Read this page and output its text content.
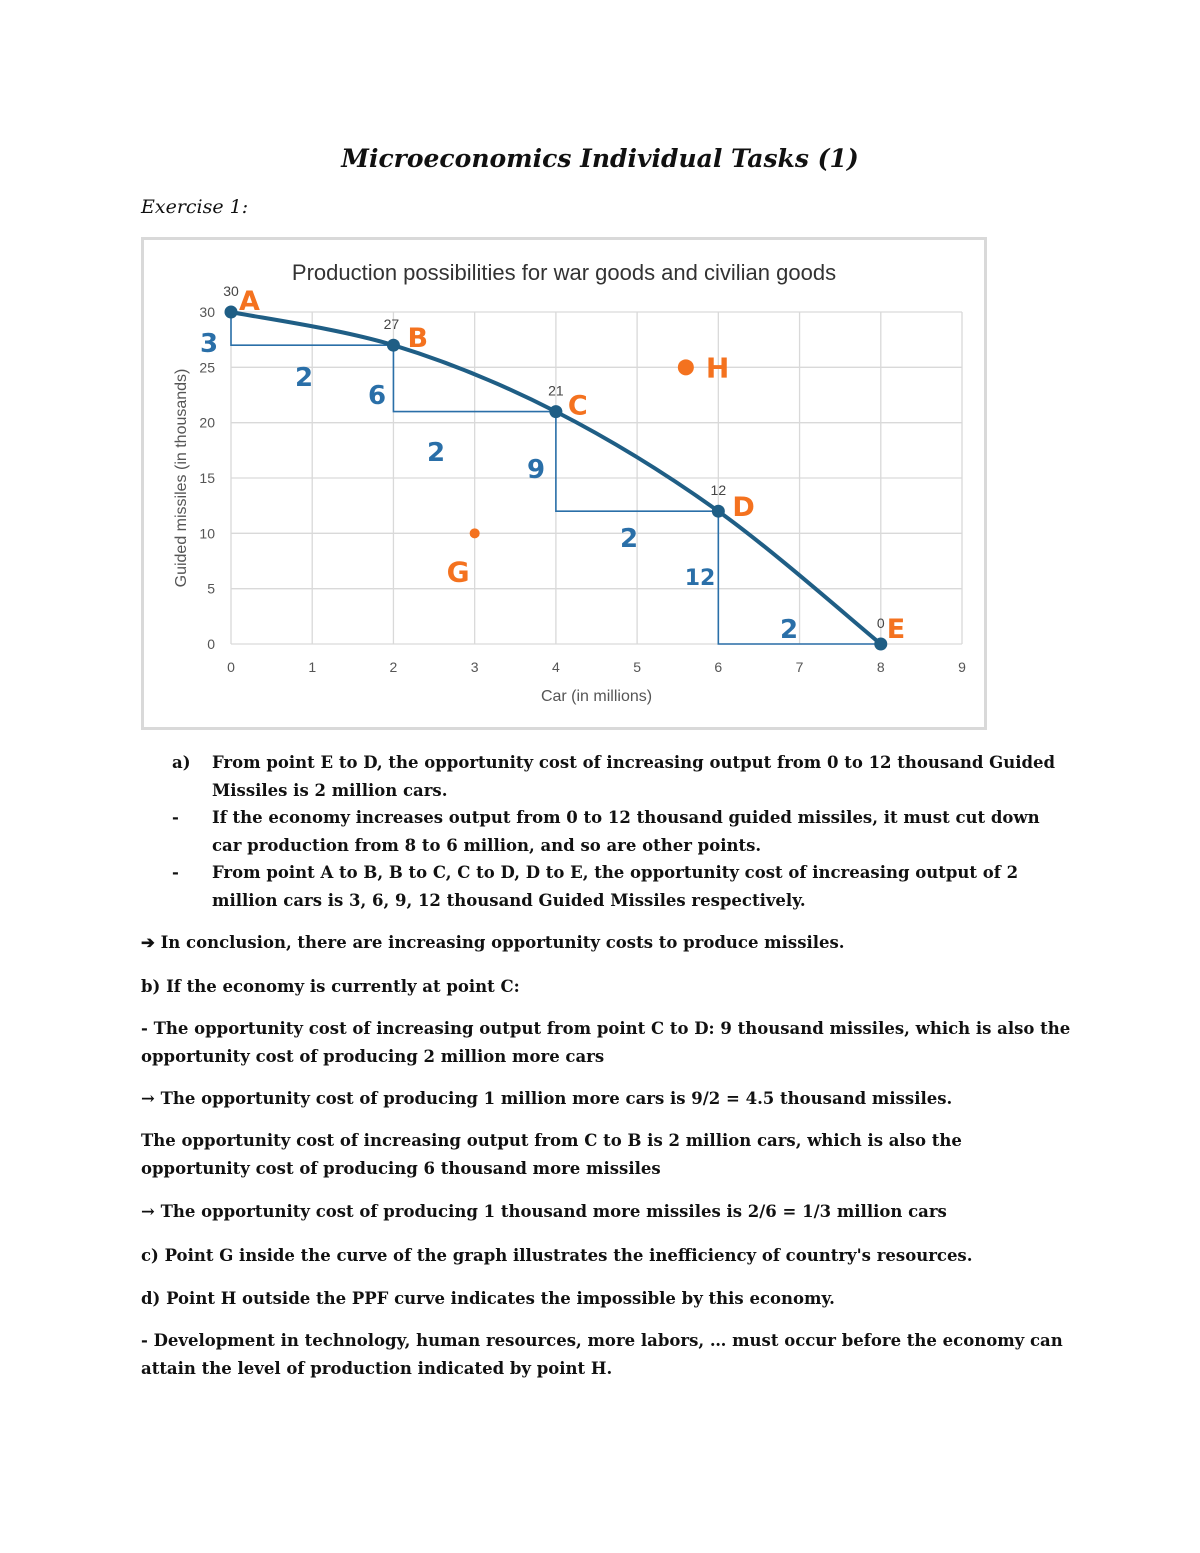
Microeconomics Individual Tasks (1)
Exercise 1:
Production possibilities for war goods and civilian goods
0	1	2	3	4	5	6	7	8	9
0
5
10
15
20
25
30
Car (in millions)
Guided missiles (in thousands)
30 A
27 B
21 C
12
D
0 E
G
H
3
6
9
12
2
2
2
2
a)	From point E to D, the opportunity cost of increasing output from 0 to 12 thousand Guided Missiles is 2 million cars.
-	If the economy increases output from 0 to 12 thousand guided missiles, it must cut down car production from 8 to 6 million, and so are other points.
-	From point A to B, B to C, C to D, D to E, the opportunity cost of increasing output of 2 million cars is 3, 6, 9, 12 thousand Guided Missiles respectively.
➔ In conclusion, there are increasing opportunity costs to produce missiles.
b) If the economy is currently at point C:
- The opportunity cost of increasing output from point C to D: 9 thousand missiles, which is also the opportunity cost of producing 2 million more cars
→ The opportunity cost of producing 1 million more cars is 9/2 = 4.5 thousand missiles.
The opportunity cost of increasing output from C to B is 2 million cars, which is also the opportunity cost of producing 6 thousand more missiles
→ The opportunity cost of producing 1 thousand more missiles is 2/6 = 1/3 million cars
c) Point G inside the curve of the graph illustrates the inefficiency of country's resources.
d) Point H outside the PPF curve indicates the impossible by this economy.
- Development in technology, human resources, more labors, … must occur before the economy can attain the level of production indicated by point H.
